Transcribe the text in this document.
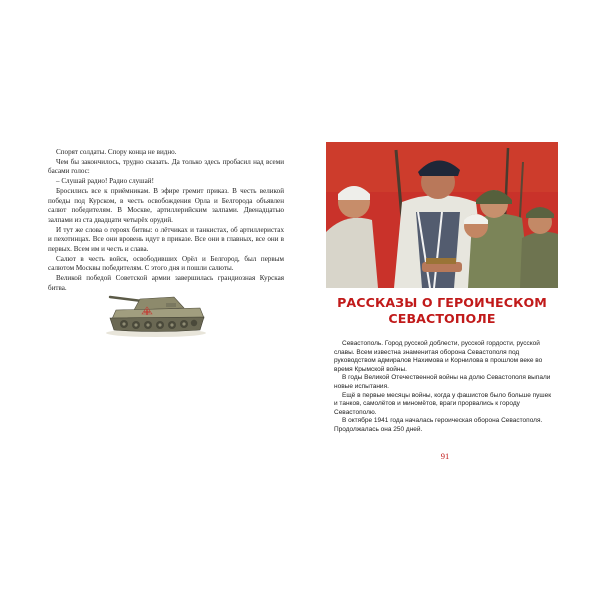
Спорят солдаты. Спору конца не видно.

Чем бы закончилось, трудно сказать. Да только здесь пробасил над всеми басами голос:

– Слушай радио! Радио слушай!

Бросились все к приёмникам. В эфире гремит приказ. В честь великой победы под Курском, в честь освобождения Орла и Белгорода объявлен салют победителям. В Москве, артиллерийским залпами. Двенадцатью залпами из ста двадцати четырёх орудий.

И тут же слова о героях битвы: о лётчиках и танкистах, об артиллеристах и пехотинцах. Все они вровень идут в приказе. Все они в главных, все они в первых. Всем им и честь и слава.

Салют в честь войск, освободивших Орёл и Белгород, был первым салютом Москвы победителям. С этого дня и пошли салюты.

Великой победой Советской армии завершилась грандиозная Курская битва.

РАССКАЗЫ О ГЕРОИЧЕСКОМ
СЕВАСТОПОЛЕ

Севастополь. Город русской доблести, русской гордости, русской славы. Всем известна знаменитая оборона Севастополя под руководством адмиралов Нахимова и Корнилова в прошлом веке во время Крымской войны.

В годы Великой Отечественной войны на долю Севастополя выпали новые испытания.

Ещё в первые месяцы войны, когда у фашистов было больше пушек и танков, самолётов и миномётов, враги прорвались к городу Севастополю.

В октябре 1941 года началась героическая оборона Севастополя. Продолжалась она 250 дней.

91
